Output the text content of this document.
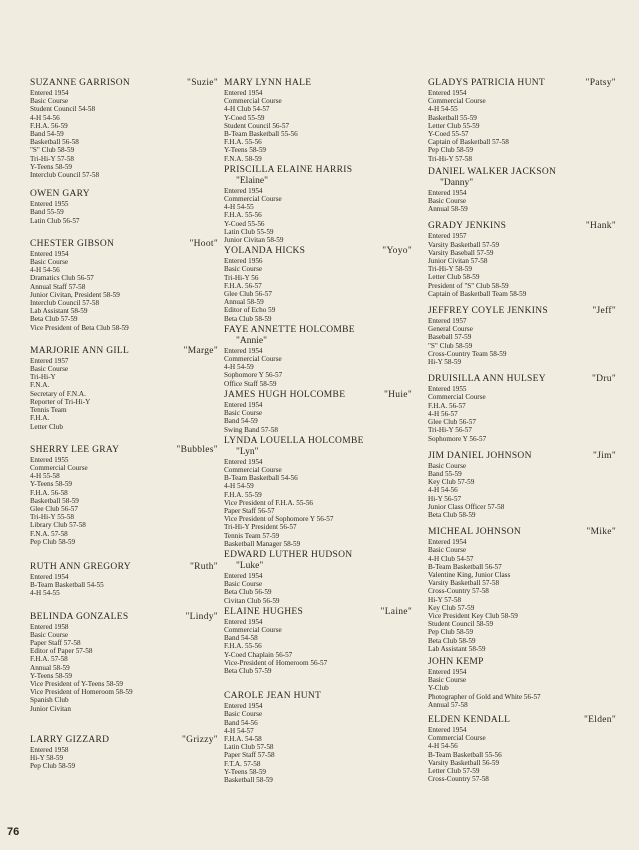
SUZANNE GARRISON	"Suzie"
Entered 1954
Basic Course
Student Council 54-58
4-H 54-56
F.H.A. 56-59
Band 54-59
Basketball 56-58
"S" Club 58-59
Tri-Hi-Y 57-58
Y-Teens 58-59
Interclub Council 57-58
OWEN GARY
Entered 1955
Band 55-59
Latin Club 56-57
CHESTER GIBSON	"Hoot"
Entered 1954
Basic Course
4-H 54-56
Dramatics Club 56-57
Annual Staff 57-58
Junior Civitan, President 58-59
Interclub Council 57-58
Lab Assistant 58-59
Beta Club 57-59
Vice President of Beta Club 58-59
MARJORIE ANN GILL	"Marge"
Entered 1957
Basic Course
Tri-Hi-Y
F.N.A.
Secretary of F.N.A.
Reporter of Tri-Hi-Y
Tennis Team
F.H.A.
Letter Club
SHERRY LEE GRAY	"Bubbles"
Entered 1955
Commercial Course
4-H 55-58
Y-Teens 58-59
F.H.A. 56-58
Basketball 58-59
Glee Club 56-57
Tri-Hi-Y 55-58
Library Club 57-58
F.N.A. 57-58
Pep Club 58-59
RUTH ANN GREGORY	"Ruth"
Entered 1954
B-Team Basketball 54-55
4-H 54-55
BELINDA GONZALES	"Lindy"
Entered 1958
Basic Course
Paper Staff 57-58
Editor of Paper 57-58
F.H.A. 57-58
Annual 58-59
Y-Teens 58-59
Vice President of Y-Teens 58-59
Vice President of Homeroom 58-59
Spanish Club
Junior Civitan
LARRY GIZZARD	"Grizzy"
Entered 1958
Hi-Y 58-59
Pep Club 58-59
MARY LYNN HALE
Entered 1954
Commercial Course
4-H Club 54-57
Y-Coed 55-59
Student Council 56-57
B-Team Basketball 55-56
F.H.A. 55-56
Y-Teens 58-59
F.N.A. 58-59
PRISCILLA ELAINE HARRIS
"Elaine"
Entered 1954
Commercial Course
4-H 54-55
F.H.A. 55-56
Y-Coed 55-56
Latin Club 55-59
Junior Civitan 58-59
YOLANDA HICKS	"Yoyo"
Entered 1956
Basic Course
Tri-Hi-Y 56
F.H.A. 56-57
Glee Club 56-57
Annual 58-59
Editor of Echo 59
Beta Club 58-59
FAYE ANNETTE HOLCOMBE
"Annie"
Entered 1954
Commercial Course
4-H 54-59
Sophomore Y 56-57
Office Staff 58-59
JAMES HUGH HOLCOMBE	"Huie"
Entered 1954
Basic Course
Band 54-59
Swing Band 57-58
LYNDA LOUELLA HOLCOMBE
"Lyn"
Entered 1954
Commercial Course
B-Team Basketball 54-56
4-H 54-59
F.H.A. 55-59
Vice President of F.H.A. 55-56
Paper Staff 56-57
Vice President of Sophomore Y 56-57
Tri-Hi-Y President 56-57
Tennis Team 57-59
Basketball Manager 58-59
EDWARD LUTHER HUDSON
"Luke"
Entered 1954
Basic Course
Beta Club 56-59
Civitan Club 56-59
ELAINE HUGHES	"Laine"
Entered 1954
Commercial Course
Band 54-58
F.H.A. 55-56
Y-Coed Chaplain 56-57
Vice-President of Homeroom 56-57
Beta Club 57-59
CAROLE JEAN HUNT
Entered 1954
Basic Course
Band 54-56
4-H 54-57
F.H.A. 54-58
Latin Club 57-58
Paper Staff 57-58
F.T.A. 57-58
Y-Teens 58-59
Basketball 58-59
GLADYS PATRICIA HUNT	"Patsy"
Entered 1954
Commercial Course
4-H 54-55
Basketball 55-59
Letter Club 55-59
Y-Coed 55-57
Captain of Basketball 57-58
Pep Club 58-59
Tri-Hi-Y 57-58
DANIEL WALKER JACKSON
"Danny"
Entered 1954
Basic Course
Annual 58-59
GRADY JENKINS	"Hank"
Entered 1957
Varsity Basketball 57-59
Varsity Baseball 57-59
Junior Civitan 57-58
Tri-Hi-Y 58-59
Letter Club 58-59
President of "S" Club 58-59
Captain of Basketball Team 58-59
JEFFREY COYLE JENKINS	"Jeff"
Entered 1957
General Course
Baseball 57-59
"S" Club 58-59
Cross-Country Team 58-59
Hi-Y 58-59
DRUISILLA ANN HULSEY	"Dru"
Entered 1955
Commercial Course
F.H.A. 56-57
4-H 56-57
Glee Club 56-57
Tri-Hi-Y 56-57
Sophomore Y 56-57
JIM DANIEL JOHNSON	"Jim"
Basic Course
Band 55-59
Key Club 57-59
4-H 54-56
Hi-Y 56-57
Junior Class Officer 57-58
Beta Club 58-59
MICHEAL JOHNSON	"Mike"
Entered 1954
Basic Course
4-H Club 54-57
B-Team Basketball 56-57
Valentine King, Junior Class
Varsity Basketball 57-58
Cross-Country 57-58
Hi-Y 57-58
Key Club 57-59
Vice President Key Club 58-59
Student Council 58-59
Pep Club 58-59
Beta Club 58-59
Lab Assistant 58-59
JOHN KEMP
Entered 1954
Basic Course
Y-Club
Photographer of Gold and White 56-57
Annual 57-58
ELDEN KENDALL	"Elden"
Entered 1954
Commercial Course
4-H 54-56
B-Team Basketball 55-56
Varsity Basketball 56-59
Letter Club 57-59
Cross-Country 57-58
76
